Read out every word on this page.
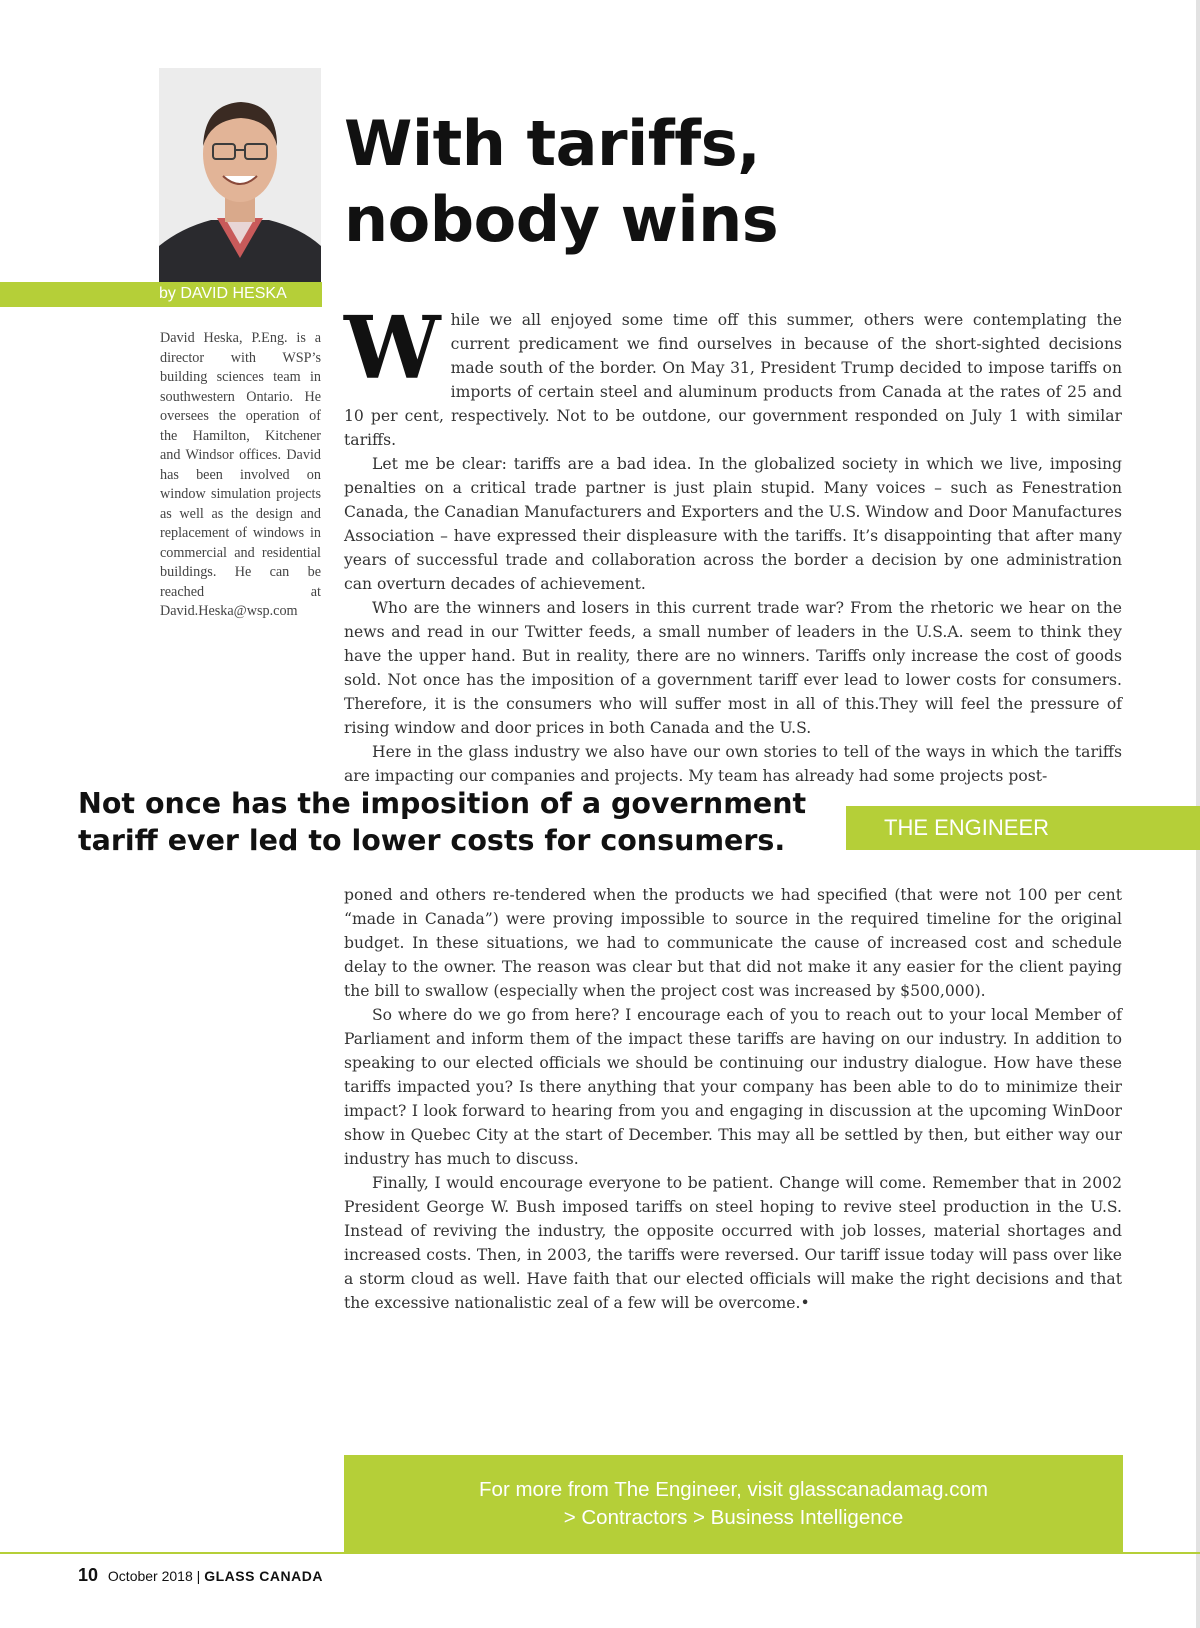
With tariffs,
nobody wins
by DAVID HESKA

David Heska, P.Eng. is a director with WSP’s building sciences team in southwestern Ontario. He oversees the operation of the Hamilton, Kitchener and Windsor offices. David has been involved on window simulation projects as well as the design and replacement of windows in commercial and residential buildings. He can be reached at David.Heska@wsp.com

While we all enjoyed some time off this summer, others were contemplating the current predicament we find ourselves in because of the short-sighted decisions made south of the border. On May 31, President Trump decided to impose tariffs on imports of certain steel and aluminum products from Canada at the rates of 25 and 10 per cent, respectively. Not to be outdone, our government responded on July 1 with similar tariffs.

Let me be clear: tariffs are a bad idea. In the globalized society in which we live, imposing penalties on a critical trade partner is just plain stupid. Many voices – such as Fenestration Canada, the Canadian Manufacturers and Exporters and the U.S. Window and Door Manufactures Association – have expressed their displeasure with the tariffs. It’s disappointing that after many years of successful trade and collaboration across the border a decision by one administration can overturn decades of achievement.

Who are the winners and losers in this current trade war? From the rhetoric we hear on the news and read in our Twitter feeds, a small number of leaders in the U.S.A. seem to think they have the upper hand. But in reality, there are no winners. Tariffs only increase the cost of goods sold. Not once has the imposition of a government tariff ever lead to lower costs for consumers. Therefore, it is the consumers who will suffer most in all of this.They will feel the pressure of rising window and door prices in both Canada and the U.S.

Here in the glass industry we also have our own stories to tell of the ways in which the tariffs are impacting our companies and projects. My team has already had some projects post-

Not once has the imposition of a government tariff ever led to lower costs for consumers.	THE ENGINEER

poned and others re-tendered when the products we had specified (that were not 100 per cent “made in Canada”) were proving impossible to source in the required timeline for the original budget. In these situations, we had to communicate the cause of increased cost and schedule delay to the owner. The reason was clear but that did not make it any easier for the client paying the bill to swallow (especially when the project cost was increased by $500,000).

So where do we go from here? I encourage each of you to reach out to your local Member of Parliament and inform them of the impact these tariffs are having on our industry. In addition to speaking to our elected officials we should be continuing our industry dialogue. How have these tariffs impacted you? Is there anything that your company has been able to do to minimize their impact? I look forward to hearing from you and engaging in discussion at the upcoming WinDoor show in Quebec City at the start of December. This may all be settled by then, but either way our industry has much to discuss.

Finally, I would encourage everyone to be patient. Change will come. Remember that in 2002 President George W. Bush imposed tariffs on steel hoping to revive steel production in the U.S. Instead of reviving the industry, the opposite occurred with job losses, material shortages and increased costs. Then, in 2003, the tariffs were reversed. Our tariff issue today will pass over like a storm cloud as well. Have faith that our elected officials will make the right decisions and that the excessive nationalistic zeal of a few will be overcome.•

For more from The Engineer, visit glasscanadamag.com
> Contractors > Business Intelligence
10 October 2018 | GLASS CANADA
